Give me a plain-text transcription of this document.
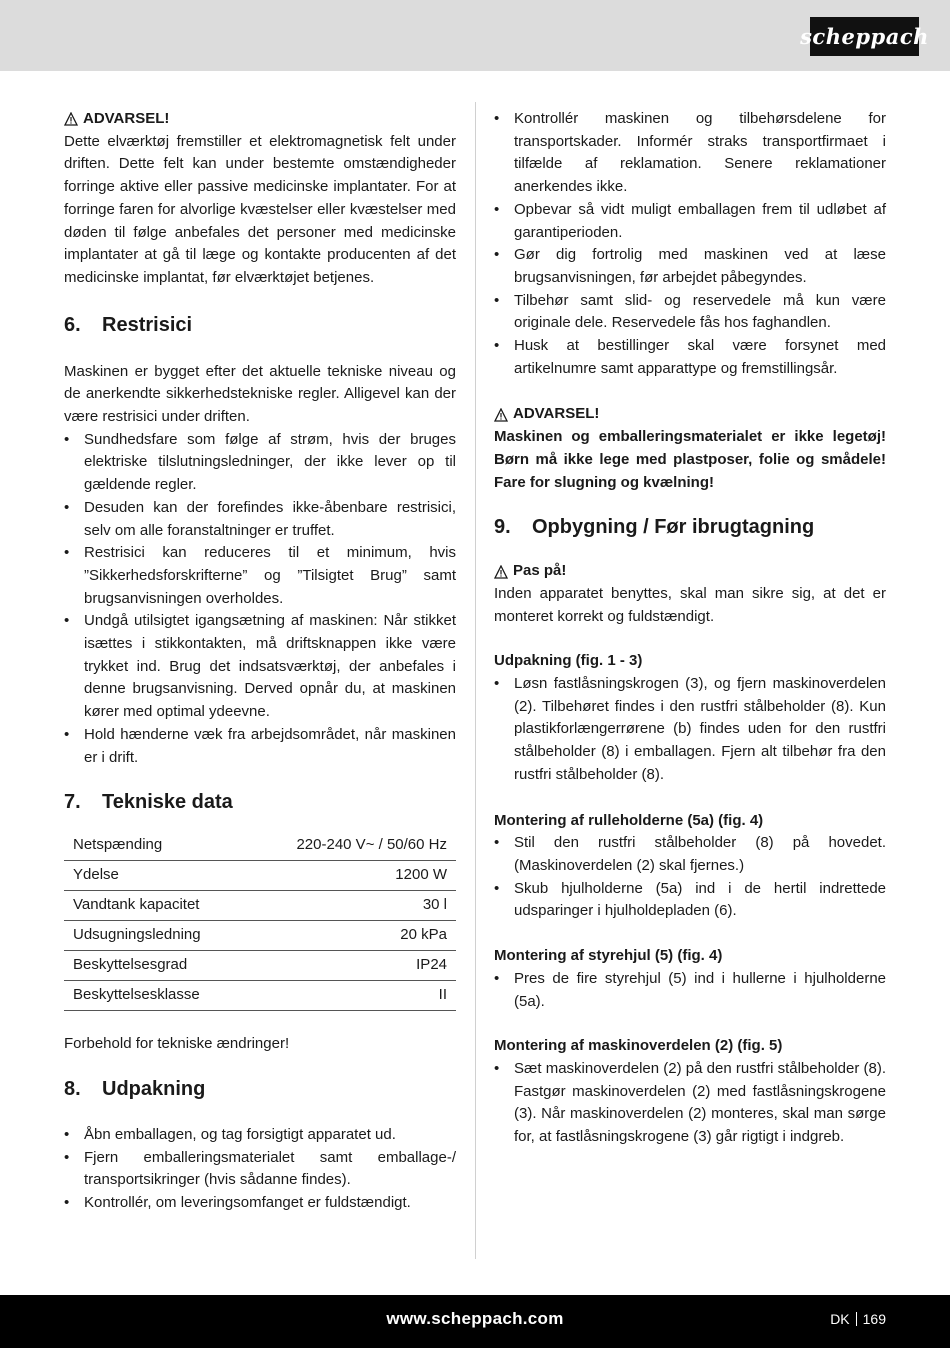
scheppach
ADVARSEL!

Dette elværktøj fremstiller et elektromagnetisk felt under driften. Dette felt kan under bestemte omstændigheder forringe aktive eller passive medicinske implantater. For at forringe faren for alvorlige kvæstelser eller kvæstelser med døden til følge anbefales det personer med medicinske implantater at gå til læge og kontakte producenten af det medicinske implantat, før elværktøjet betjenes.

6.	Restrisici

Maskinen er bygget efter det aktuelle tekniske niveau og de anerkendte sikkerhedstekniske regler. Alligevel kan der være restrisici under driften.

• Sundhedsfare som følge af strøm, hvis der bruges elektriske tilslutningsledninger, der ikke lever op til gældende regler.
• Desuden kan der forefindes ikke-åbenbare restrisici, selv om alle foranstaltninger er truffet.
• Restrisici kan reduceres til et minimum, hvis ”Sikkerhedsforskrifterne” og ”Tilsigtet Brug” samt brugsanvisningen overholdes.
• Undgå utilsigtet igangsætning af maskinen: Når stikket isættes i stikkontakten, må driftsknappen ikke være trykket ind. Brug det indsatsværktøj, der anbefales i denne brugsanvisning. Derved opnår du, at maskinen kører med optimal ydeevne.
• Hold hænderne væk fra arbejdsområdet, når maskinen er i drift.
7.	Tekniske data
Netspænding	220-240 V~ / 50/60 Hz
Ydelse	1200 W
Vandtank kapacitet	30 l
Udsugningsledning	20 kPa
Beskyttelsesgrad	IP24
Beskyttelsesklasse	II

Forbehold for tekniske ændringer!

8.	Udpakning
• Åbn emballagen, og tag forsigtigt apparatet ud.
• Fjern emballeringsmaterialet samt emballage-/ transportsikringer (hvis sådanne findes).
• Kontrollér, om leveringsomfanget er fuldstændigt.
• Kontrollér maskinen og tilbehørsdelene for transportskader. Informér straks transportfirmaet i tilfælde af reklamation. Senere reklamationer anerkendes ikke.
• Opbevar så vidt muligt emballagen frem til udløbet af garantiperioden.
• Gør dig fortrolig med maskinen ved at læse brugsanvisningen, før arbejdet påbegyndes.
• Tilbehør samt slid- og reservedele må kun være originale dele. Reservedele fås hos faghandlen.
• Husk at bestillinger skal være forsynet med artikelnumre samt apparattype og fremstillingsår.
ADVARSEL!

Maskinen og emballeringsmaterialet er ikke legetøj! Børn må ikke lege med plastposer, folie og smådele! Fare for slugning og kvælning!

9.	Opbygning / Før ibrugtagning
Pas på!

Inden apparatet benyttes, skal man sikre sig, at det er monteret korrekt og fuldstændigt.

Udpakning (fig. 1 - 3)

• Løsn fastlåsningskrogen (3), og fjern maskinoverdelen (2). Tilbehøret findes i den rustfri stålbeholder (8). Kun plastikforlængerrørene (b) findes uden for den rustfri stålbeholder (8) i emballagen. Fjern alt tilbehør fra den rustfri stålbeholder (8).

Montering af rulleholderne (5a) (fig. 4)

• Stil den rustfri stålbeholder (8) på hovedet. (Maskinoverdelen (2) skal fjernes.)
• Skub hjulholderne (5a) ind i de hertil indrettede udsparinger i hjulholdepladen (6).

Montering af styrehjul (5) (fig. 4)

• Pres de fire styrehjul (5) ind i hullerne i hjulholderne (5a).

Montering af maskinoverdelen (2) (fig. 5)

• Sæt maskinoverdelen (2) på den rustfri stålbeholder (8). Fastgør maskinoverdelen (2) med fastlåsningskrogene (3). Når maskinoverdelen (2) monteres, skal man sørge for, at fastlåsningskrogene (3) går rigtigt i indgreb.
www.scheppach.com	DK 169
